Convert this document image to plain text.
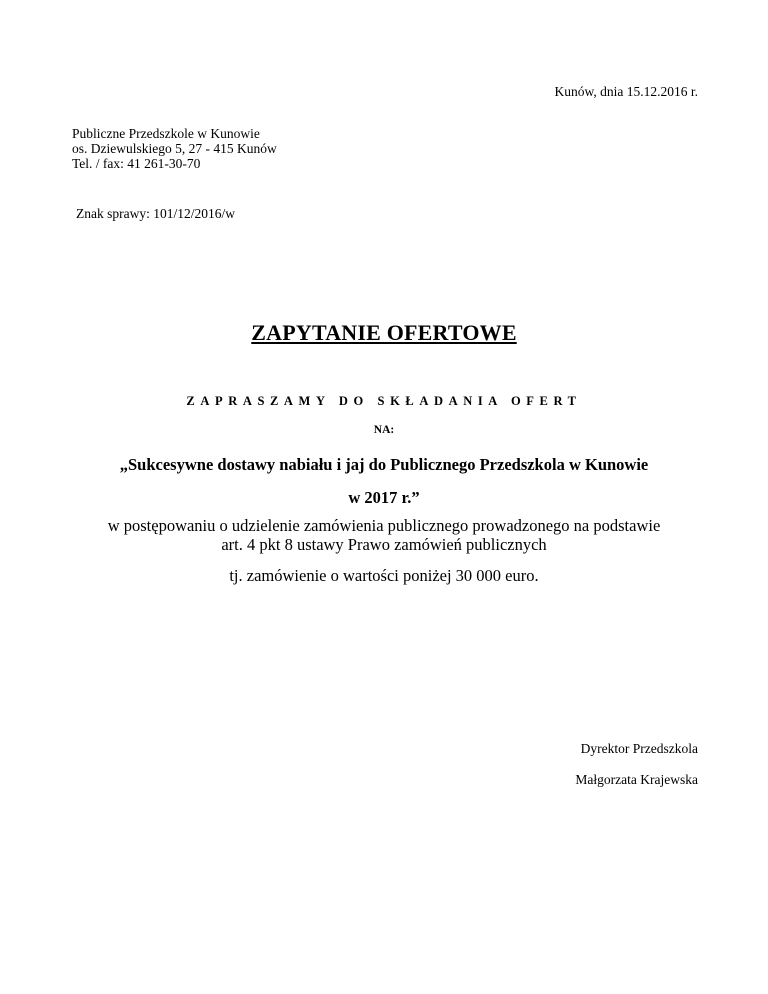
Kunów, dnia 15.12.2016 r.
Publiczne Przedszkole w Kunowie
os. Dziewulskiego 5, 27 - 415 Kunów
Tel. / fax: 41 261-30-70
Znak sprawy: 101/12/2016/w
ZAPYTANIE OFERTOWE
ZAPRASZAMY DO SKŁADANIA OFERT
NA:
„Sukcesywne dostawy nabiału i jaj do Publicznego Przedszkola w Kunowie
w 2017 r.”
w postępowaniu o udzielenie zamówienia publicznego prowadzonego na podstawie
art. 4 pkt 8 ustawy Prawo zamówień publicznych
tj. zamówienie o wartości poniżej 30 000 euro.
Dyrektor Przedszkola
Małgorzata Krajewska
